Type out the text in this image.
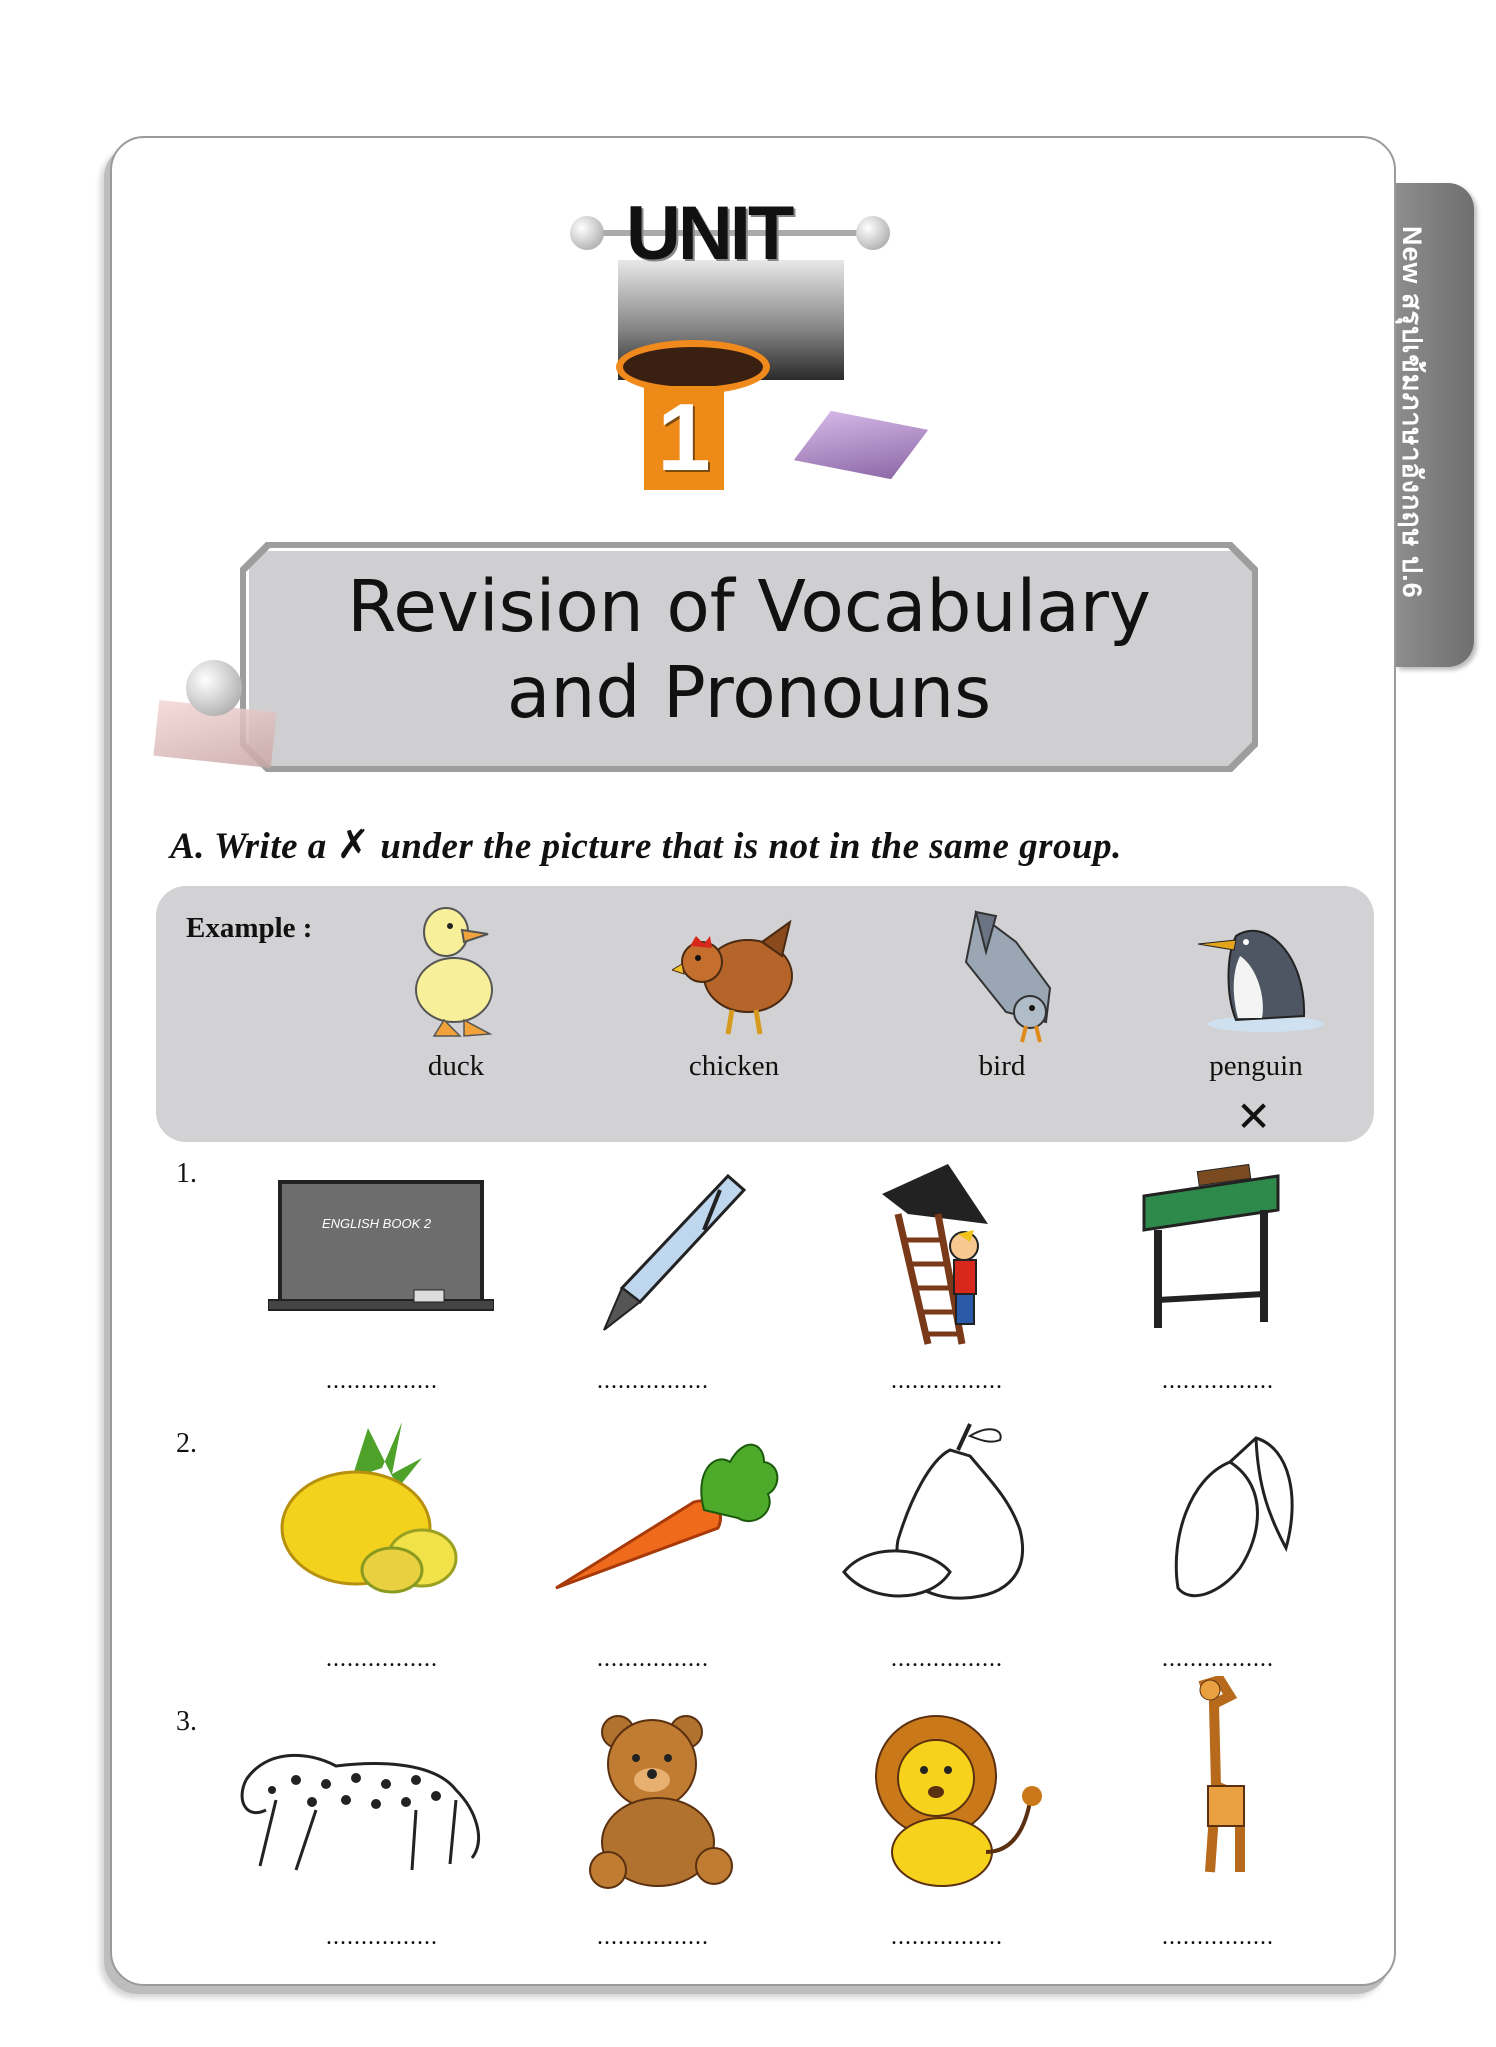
New สรุปเข้มภาษาอังกฤษ ป.6
UNIT
1
Revision of Vocabulary
and Pronouns
A. Write a ✗ under the picture that is not in the same group.
Example :
duck	chicken	bird	penguin
✕
1.
ENGLISH BOOK 2
................	................	................	................
2.
................	................	................	................
3.
................	................	................	................
